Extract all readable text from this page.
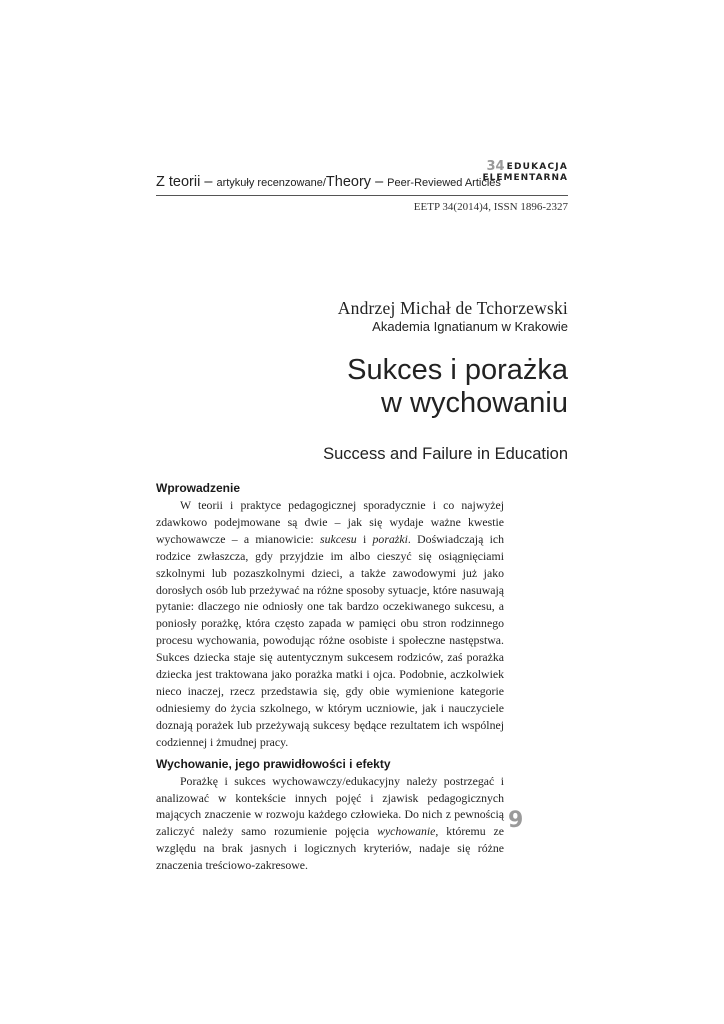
Z teorii – artykuły recenzowane/Theory – Peer-Reviewed Articles
34 EDUKACJA
ELEMENTARNA
EETP 34(2014)4, ISSN 1896-2327
Andrzej Michał de Tchorzewski
Akademia Ignatianum w Krakowie
Sukces i porażka
w wychowaniu
Success and Failure in Education
Wprowadzenie

W teorii i praktyce pedagogicznej sporadycznie i co najwyżej zdawkowo podejmowane są dwie – jak się wydaje ważne kwestie wychowawcze – a mianowicie: sukcesu i porażki. Doświadczają ich rodzice zwłaszcza, gdy przyjdzie im albo cieszyć się osiągnięciami szkolnymi lub pozaszkolnymi dzieci, a także zawodowymi już jako dorosłych osób lub przeżywać na różne sposoby sytuacje, które nasuwają pytanie: dlaczego nie odniosły one tak bardzo oczekiwanego sukcesu, a poniosły porażkę, która często zapada w pamięci obu stron rodzinnego procesu wychowania, powodując różne osobiste i społeczne następstwa. Sukces dziecka staje się autentycznym sukcesem rodziców, zaś porażka dziecka jest traktowana jako porażka matki i ojca. Podobnie, aczkolwiek nieco inaczej, rzecz przedstawia się, gdy obie wymienione kategorie odniesiemy do życia szkolnego, w którym uczniowie, jak i nauczyciele doznają porażek lub przeżywają sukcesy będące rezultatem ich wspólnej codziennej i żmudnej pracy.

Wychowanie, jego prawidłowości i efekty

Porażkę i sukces wychowawczy/edukacyjny należy postrzegać i analizować w kontekście innych pojęć i zjawisk pedagogicznych mających znaczenie w rozwoju każdego człowieka. Do nich z pewnością zaliczyć należy samo rozumienie pojęcia wychowanie, któremu ze względu na brak jasnych i logicznych kryteriów, nadaje się różne znaczenia treściowo-zakresowe.

9
